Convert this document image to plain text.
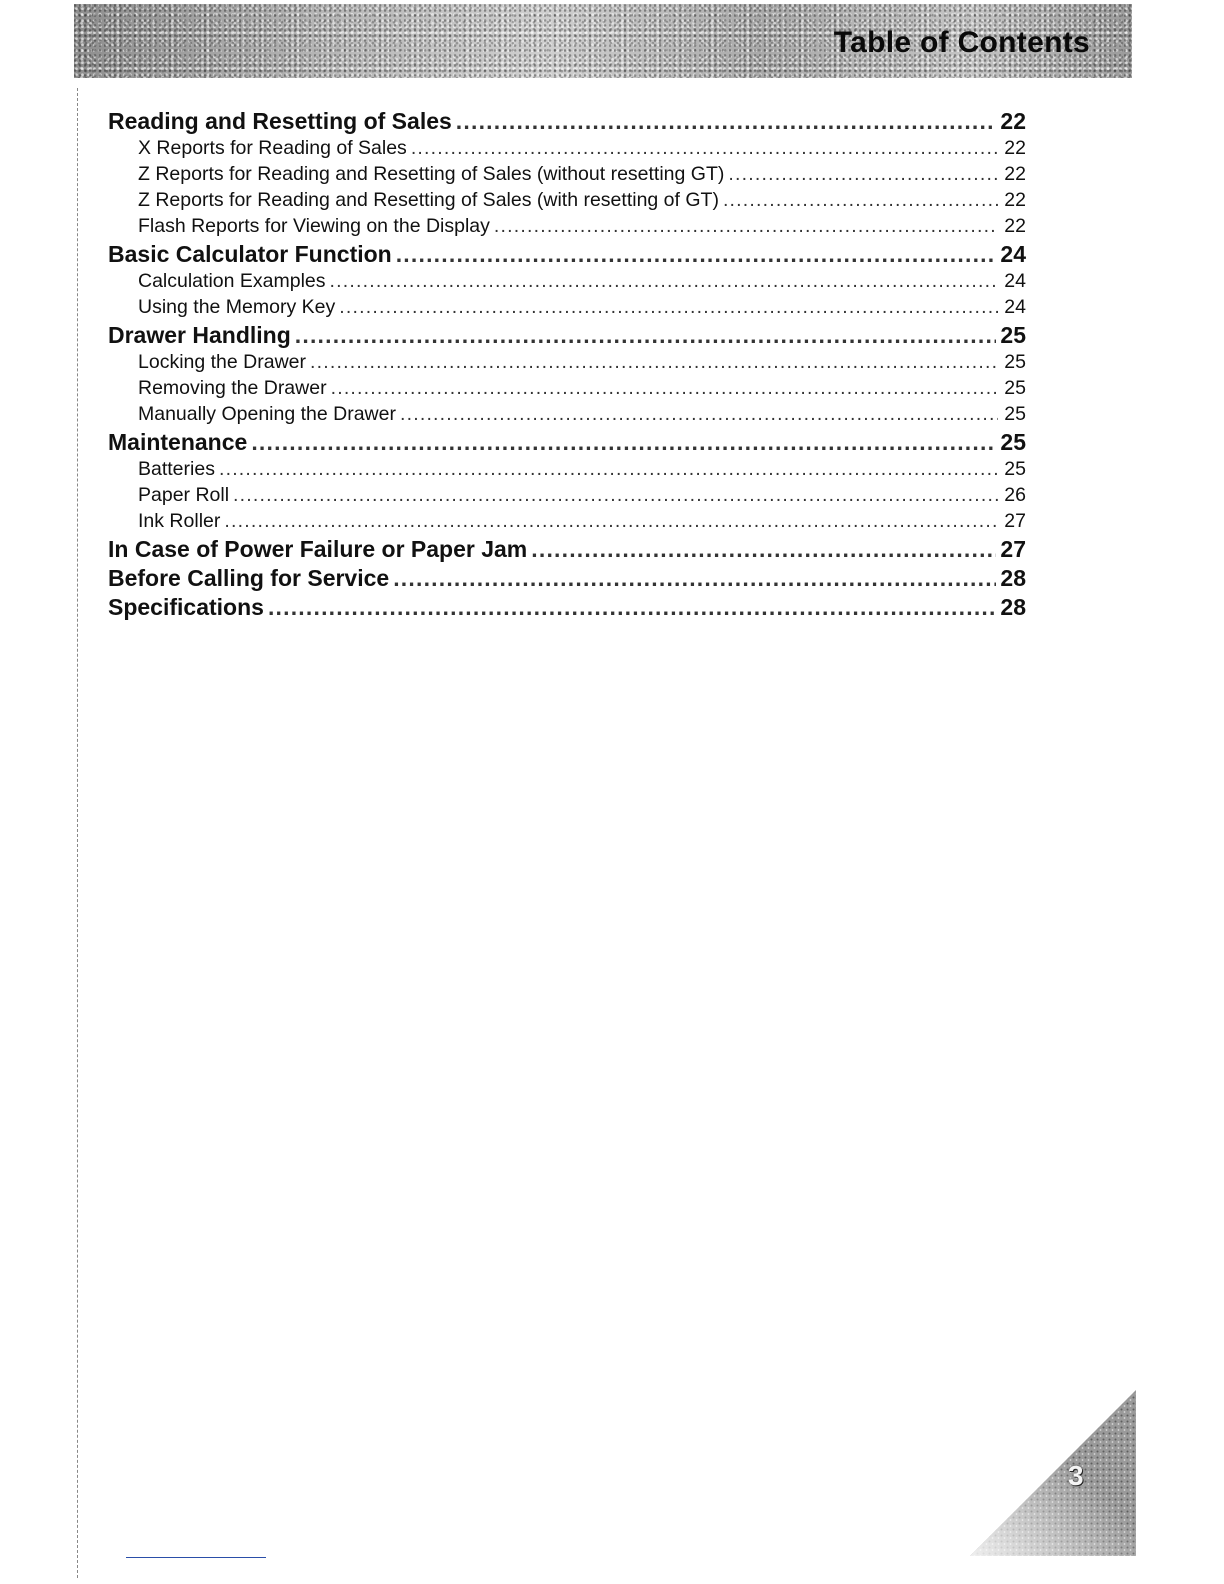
Table of Contents
Reading and Resetting of Sales .....	22
X Reports for Reading of Sales .....	22
Z Reports for Reading and Resetting of Sales (without resetting GT) .....	22
Z Reports for Reading and Resetting of Sales (with resetting of GT) .....	22
Flash Reports for Viewing on the Display .....	22
Basic Calculator Function .....	24
Calculation Examples .....	24
Using the Memory Key .....	24
Drawer Handling .....	25
Locking the Drawer .....	25
Removing the Drawer .....	25
Manually Opening the Drawer .....	25
Maintenance .....	25
Batteries .....	25
Paper Roll .....	26
Ink Roller .....	27
In Case of Power Failure or Paper Jam .....	27
Before Calling for Service .....	28
Specifications .....	28
3
